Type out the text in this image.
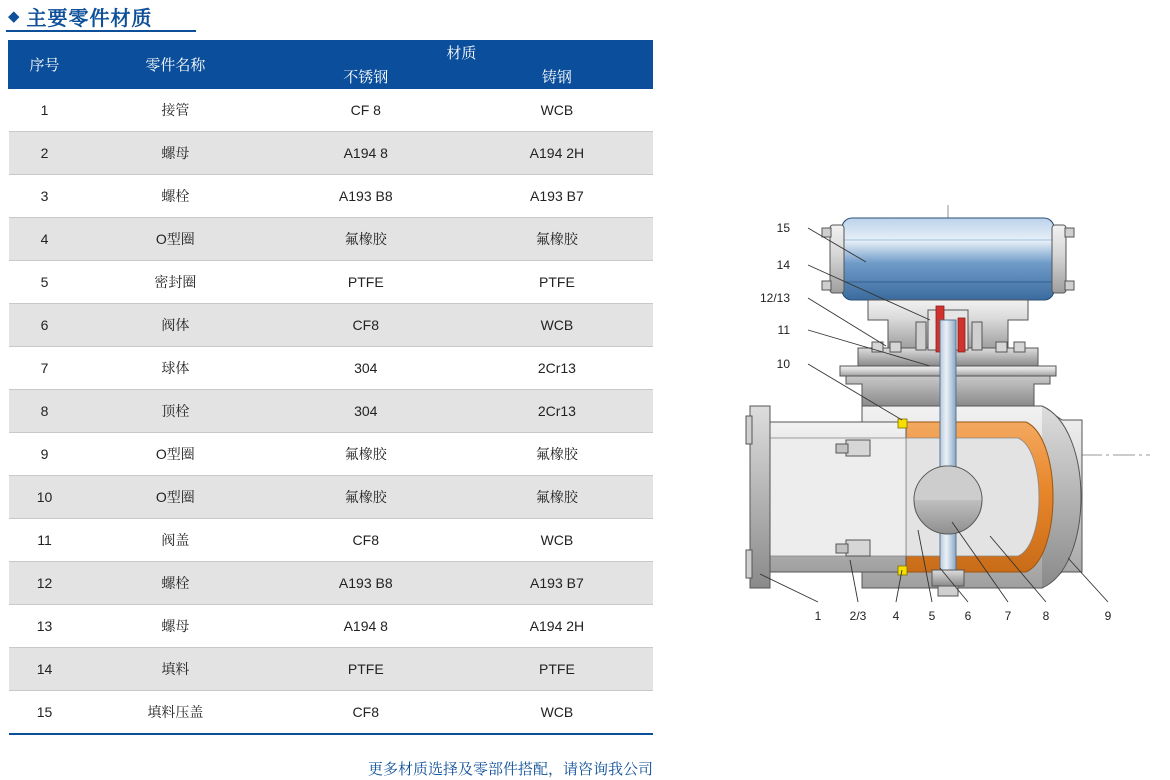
◆ 主要零件材质
序号	零件名称	材质	
		不锈钢	铸钢
1	接管	CF 8	WCB
2	螺母	A194 8	A194 2H
3	螺栓	A193 B8	A193 B7
4	O型圈	氟橡胶	氟橡胶
5	密封圈	PTFE	PTFE
6	阀体	CF8	WCB
7	球体	304	2Cr13
8	顶栓	304	2Cr13
9	O型圈	氟橡胶	氟橡胶
10	O型圈	氟橡胶	氟橡胶
11	阀盖	CF8	WCB
12	螺栓	A193 B8	A193 B7
13	螺母	A194 8	A194 2H
14	填料	PTFE	PTFE
15	填料压盖	CF8	WCB
更多材质选择及零部件搭配，请咨询我公司
15
14
12/13
11
10
1 2/3 4 5 6	7	8	9
